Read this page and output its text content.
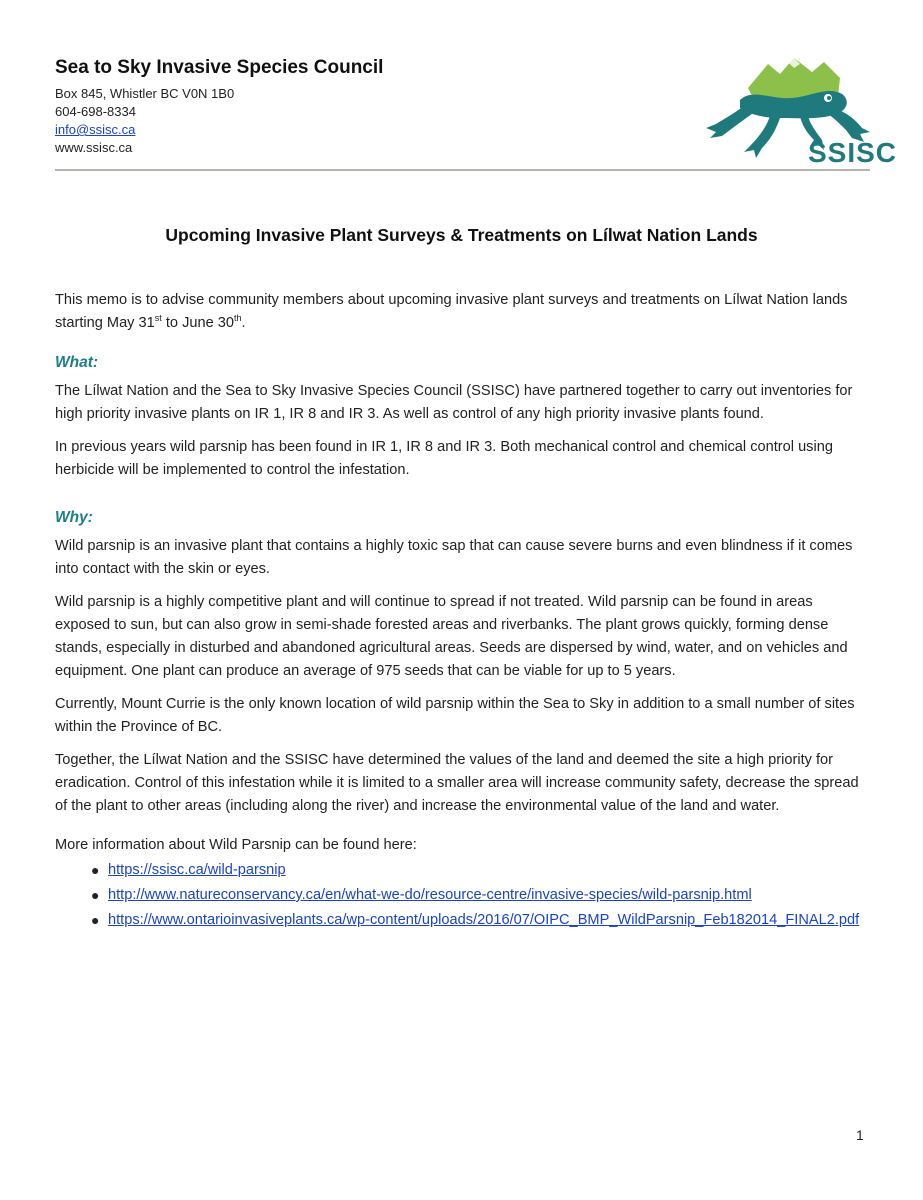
Sea to Sky Invasive Species Council
Box 845, Whistler BC V0N 1B0
604-698-8334
info@ssisc.ca
www.ssisc.ca	SSISC
Upcoming Invasive Plant Surveys & Treatments on Lílwat Nation Lands

This memo is to advise community members about upcoming invasive plant surveys and treatments on Lílwat Nation lands starting May 31st to June 30th.

What:

The Lílwat Nation and the Sea to Sky Invasive Species Council (SSISC) have partnered together to carry out inventories for high priority invasive plants on IR 1, IR 8 and IR 3. As well as control of any high priority invasive plants found.

In previous years wild parsnip has been found in IR 1, IR 8 and IR 3. Both mechanical control and chemical control using herbicide will be implemented to control the infestation.

Why:

Wild parsnip is an invasive plant that contains a highly toxic sap that can cause severe burns and even blindness if it comes into contact with the skin or eyes.

Wild parsnip is a highly competitive plant and will continue to spread if not treated. Wild parsnip can be found in areas exposed to sun, but can also grow in semi-shade forested areas and riverbanks. The plant grows quickly, forming dense stands, especially in disturbed and abandoned agricultural areas. Seeds are dispersed by wind, water, and on vehicles and equipment. One plant can produce an average of 975 seeds that can be viable for up to 5 years.

Currently, Mount Currie is the only known location of wild parsnip within the Sea to Sky in addition to a small number of sites within the Province of BC.

Together, the Lílwat Nation and the SSISC have determined the values of the land and deemed the site a high priority for eradication. Control of this infestation while it is limited to a smaller area will increase community safety, decrease the spread of the plant to other areas (including along the river) and increase the environmental value of the land and water.

More information about Wild Parsnip can be found here:

● https://ssisc.ca/wild-parsnip
● http://www.natureconservancy.ca/en/what-we-do/resource-centre/invasive-species/wild-parsnip.html
● https://www.ontarioinvasiveplants.ca/wp-content/uploads/2016/07/OIPC_BMP_WildParsnip_Feb182014_FINAL2.pdf
1
